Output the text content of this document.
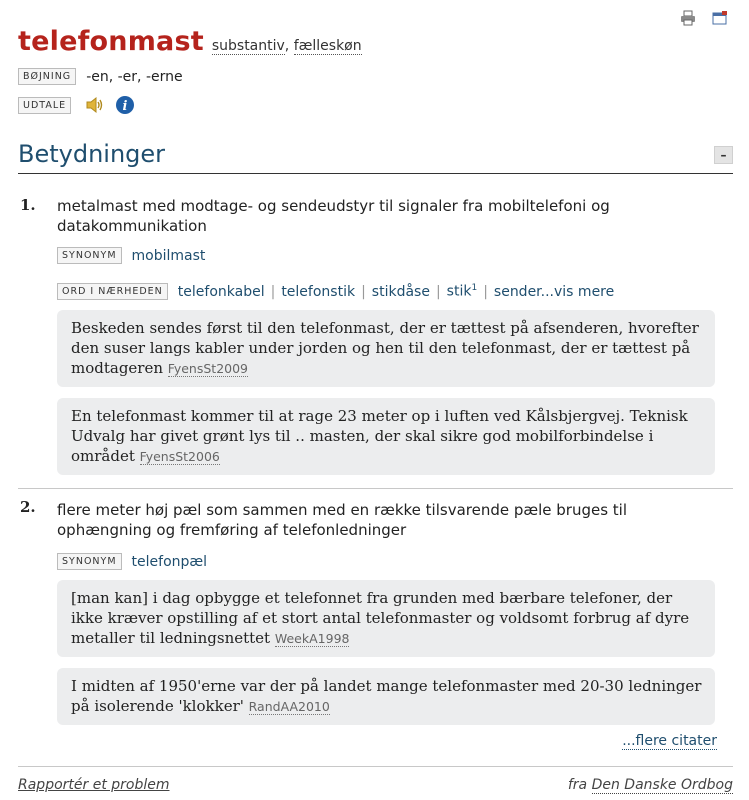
telefonmast substantiv, fælleskøn
BØJNING	-en, -er, -erne
UDTALE	i
Betydninger	–
1. metalmast med modtage- og sendeudstyr til signaler fra mobiltelefoni og datakommunikation
SYNONYM	mobilmast
ORD I NÆRHEDEN	telefonkabel | telefonstik | stikdåse | stik$^1$ | sender...vis mere
Beskeden sendes først til den telefonmast, der er tættest på afsenderen, hvorefter den suser langs kabler under jorden og hen til den telefonmast, der er tættest på modtageren FyensSt2009
En telefonmast kommer til at rage 23 meter op i luften ved Kålsbjergvej. Teknisk Udvalg har givet grønt lys til .. masten, der skal sikre god mobilforbindelse i området FyensSt2006
2. flere meter høj pæl som sammen med en række tilsvarende pæle bruges til ophængning og fremføring af telefonledninger
SYNONYM	telefonpæl
[man kan] i dag opbygge et telefonnet fra grunden med bærbare telefoner, der ikke kræver opstilling af et stort antal telefonmaster og voldsomt forbrug af dyre metaller til ledningsnettet WeekA1998
I midten af 1950'erne var der på landet mange telefonmaster med 20-30 ledninger på isolerende 'klokker' RandAA2010
...flere citater
Rapportér et problem	fra Den Danske Ordbog
